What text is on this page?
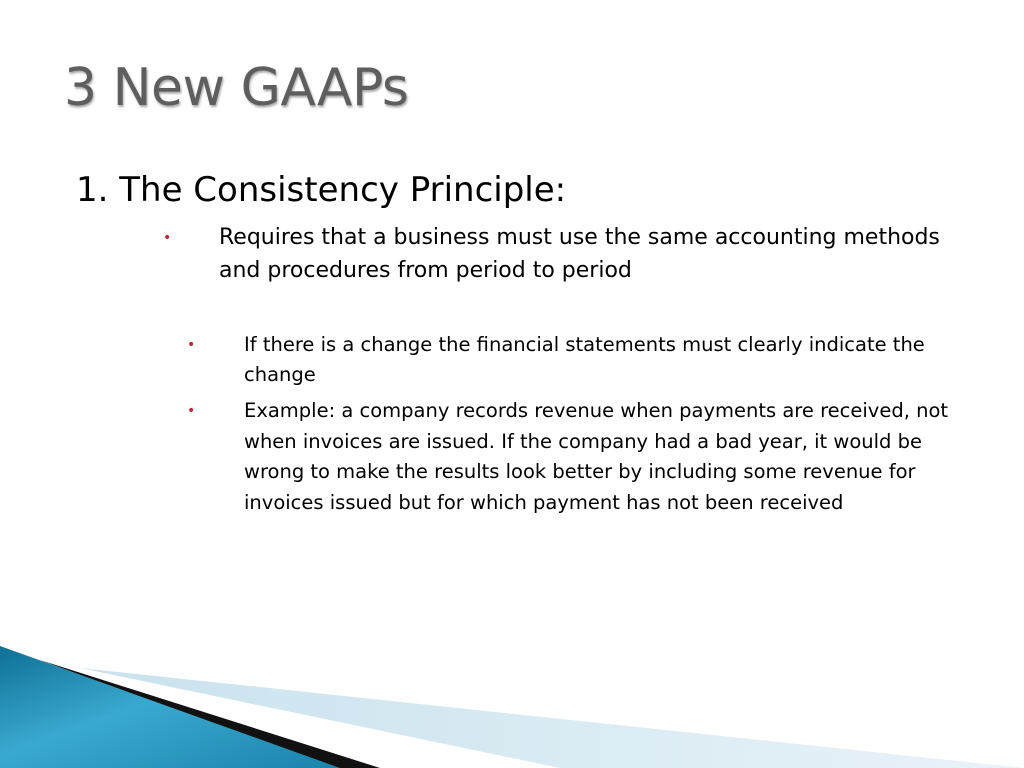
3 New GAAPs
1. The Consistency Principle:
• Requires that a business must use the same accounting methods and procedures from period to period

• If there is a change the financial statements must clearly indicate the change

• Example: a company records revenue when payments are received, not when invoices are issued. If the company had a bad year, it would be wrong to make the results look better by including some revenue for invoices issued but for which payment has not been received
